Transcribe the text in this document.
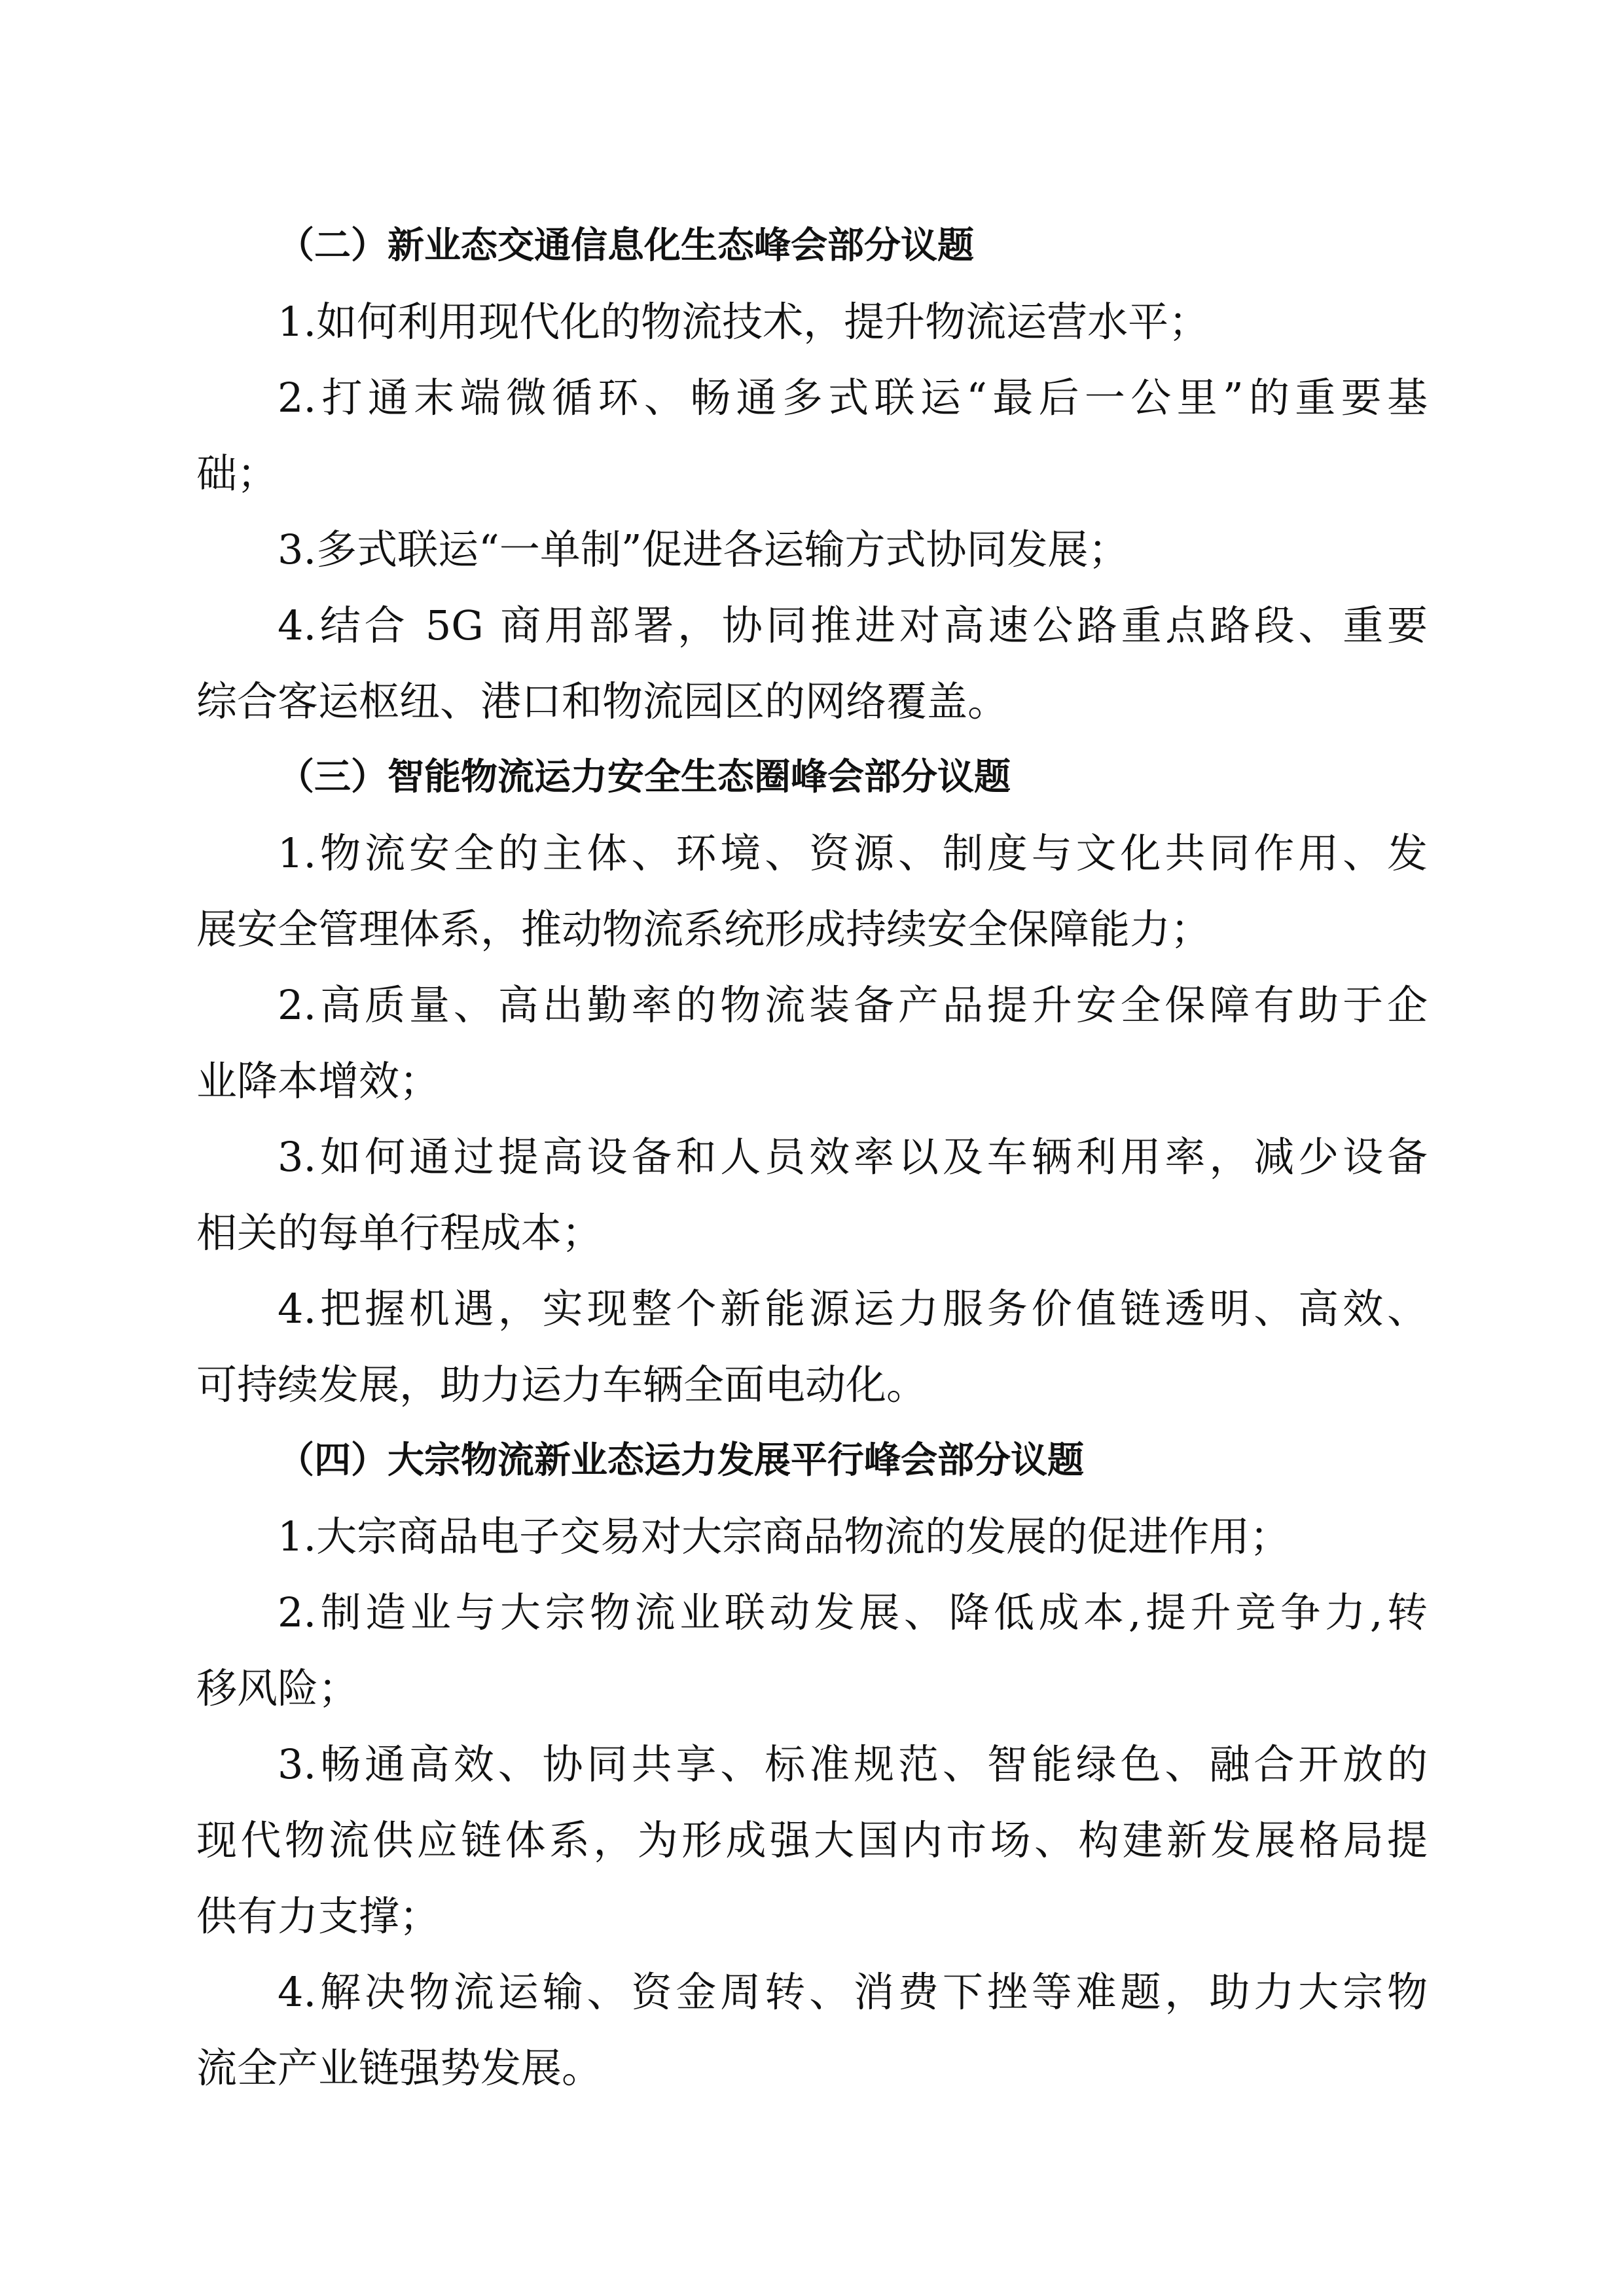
（二）新业态交通信息化生态峰会部分议题
1.如何利用现代化的物流技术，提升物流运营水平；
2.打通末端微循环、畅通多式联运“最后一公里”的重要基
础；
3.多式联运“一单制”促进各运输方式协同发展；
4.结合 5G 商用部署，协同推进对高速公路重点路段、重要
综合客运枢纽、港口和物流园区的网络覆盖。
（三）智能物流运力安全生态圈峰会部分议题
1.物流安全的主体、环境、资源、制度与文化共同作用、发
展安全管理体系，推动物流系统形成持续安全保障能力；
2.高质量、高出勤率的物流装备产品提升安全保障有助于企
业降本增效；
3.如何通过提高设备和人员效率以及车辆利用率，减少设备
相关的每单行程成本；
4.把握机遇，实现整个新能源运力服务价值链透明、高效、
可持续发展，助力运力车辆全面电动化。
（四）大宗物流新业态运力发展平行峰会部分议题
1.大宗商品电子交易对大宗商品物流的发展的促进作用；
2.制造业与大宗物流业联动发展、降低成本,提升竞争力,转
移风险；
3.畅通高效、协同共享、标准规范、智能绿色、融合开放的
现代物流供应链体系，为形成强大国内市场、构建新发展格局提
供有力支撑；
4.解决物流运输、资金周转、消费下挫等难题，助力大宗物
流全产业链强势发展。
